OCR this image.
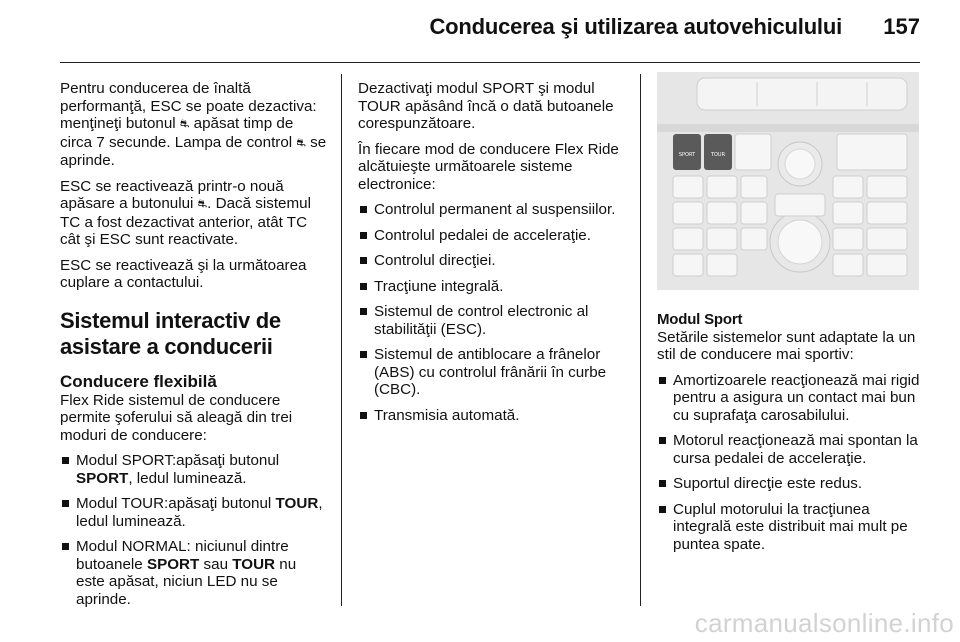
Conducerea şi utilizarea autovehiculului 157

Pentru conducerea de înaltă performanţă, ESC se poate dezactiva: menţineţi butonul ⛐ apăsat timp de circa 7 secunde. Lampa de control ⛐ se aprinde.

ESC se reactivează printr-o nouă apăsare a butonului ⛐. Dacă sistemul TC a fost dezactivat anterior, atât TC cât şi ESC sunt reactivate.

ESC se reactivează şi la următoarea cuplare a contactului.

Sistemul interactiv de asistare a conducerii
Conducere flexibilă

Flex Ride sistemul de conducere permite şoferului să aleagă din trei moduri de conducere:

Modul SPORT:apăsaţi butonul SPORT, ledul luminează.
Modul TOUR:apăsaţi butonul TOUR, ledul luminează.
Modul NORMAL: niciunul dintre butoanele SPORT sau TOUR nu este apăsat, niciun LED nu se aprinde.

Dezactivaţi modul SPORT şi modul TOUR apăsând încă o dată butoanele corespunzătoare.

În fiecare mod de conducere Flex Ride alcătuieşte următoarele sisteme electronice:

Controlul permanent al suspensiilor.
Controlul pedalei de acceleraţie.
Controlul direcţiei.
Tracţiune integrală.
Sistemul de control electronic al stabilităţii (ESC).
Sistemul de antiblocare a frânelor (ABS) cu controlul frânării în curbe (CBC).
Transmisia automată.
SPORT	TOUR
Modul Sport

Setările sistemelor sunt adaptate la un stil de conducere mai sportiv:

Amortizoarele reacţionează mai rigid pentru a asigura un contact mai bun cu suprafaţa carosabilului.
Motorul reacţionează mai spontan la cursa pedalei de acceleraţie.
Suportul direcţie este redus.
Cuplul motorului la tracţiunea integrală este distribuit mai mult pe puntea spate.
carmanualsonline.info
